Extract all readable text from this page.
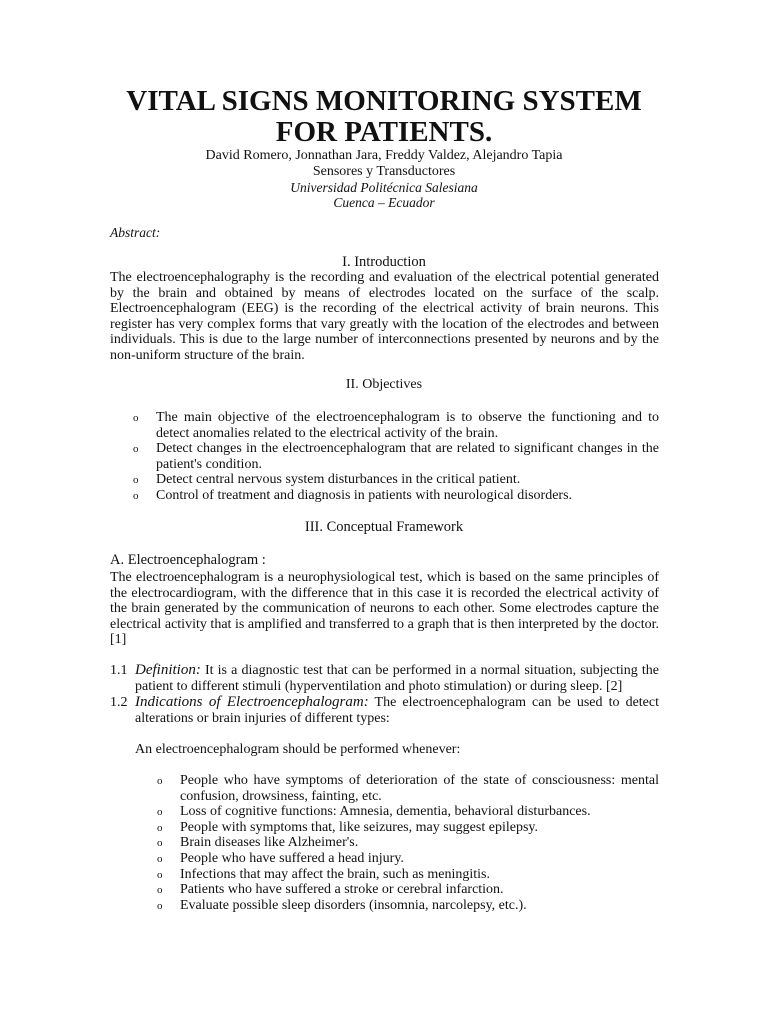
VITAL SIGNS MONITORING SYSTEM
FOR PATIENTS.
David Romero, Jonnathan Jara, Freddy Valdez, Alejandro Tapia
Sensores y Transductores
Universidad Politécnica Salesiana
Cuenca – Ecuador
Abstract:
I. Introduction
The electroencephalography is the recording and evaluation of the electrical potential generated by the brain and obtained by means of electrodes located on the surface of the scalp. Electroencephalogram (EEG) is the recording of the electrical activity of brain neurons. This register has very complex forms that vary greatly with the location of the electrodes and between individuals. This is due to the large number of interconnections presented by neurons and by the non-uniform structure of the brain.
II. Objectives
o The main objective of the electroencephalogram is to observe the functioning and to detect anomalies related to the electrical activity of the brain.
o Detect changes in the electroencephalogram that are related to significant changes in the patient's condition.
o Detect central nervous system disturbances in the critical patient.
o Control of treatment and diagnosis in patients with neurological disorders.
III. Conceptual Framework
A. Electroencephalogram :
The electroencephalogram is a neurophysiological test, which is based on the same principles of the electrocardiogram, with the difference that in this case it is recorded the electrical activity of the brain generated by the communication of neurons to each other. Some electrodes capture the electrical activity that is amplified and transferred to a graph that is then interpreted by the doctor. [1]
1.1 Definition: It is a diagnostic test that can be performed in a normal situation, subjecting the patient to different stimuli (hyperventilation and photo stimulation) or during sleep. [2]
1.2 Indications of Electroencephalogram: The electroencephalogram can be used to detect alterations or brain injuries of different types:
An electroencephalogram should be performed whenever:
o People who have symptoms of deterioration of the state of consciousness: mental confusion, drowsiness, fainting, etc.
o Loss of cognitive functions: Amnesia, dementia, behavioral disturbances.
o People with symptoms that, like seizures, may suggest epilepsy.
o Brain diseases like Alzheimer's.
o People who have suffered a head injury.
o Infections that may affect the brain, such as meningitis.
o Patients who have suffered a stroke or cerebral infarction.
o Evaluate possible sleep disorders (insomnia, narcolepsy, etc.).
